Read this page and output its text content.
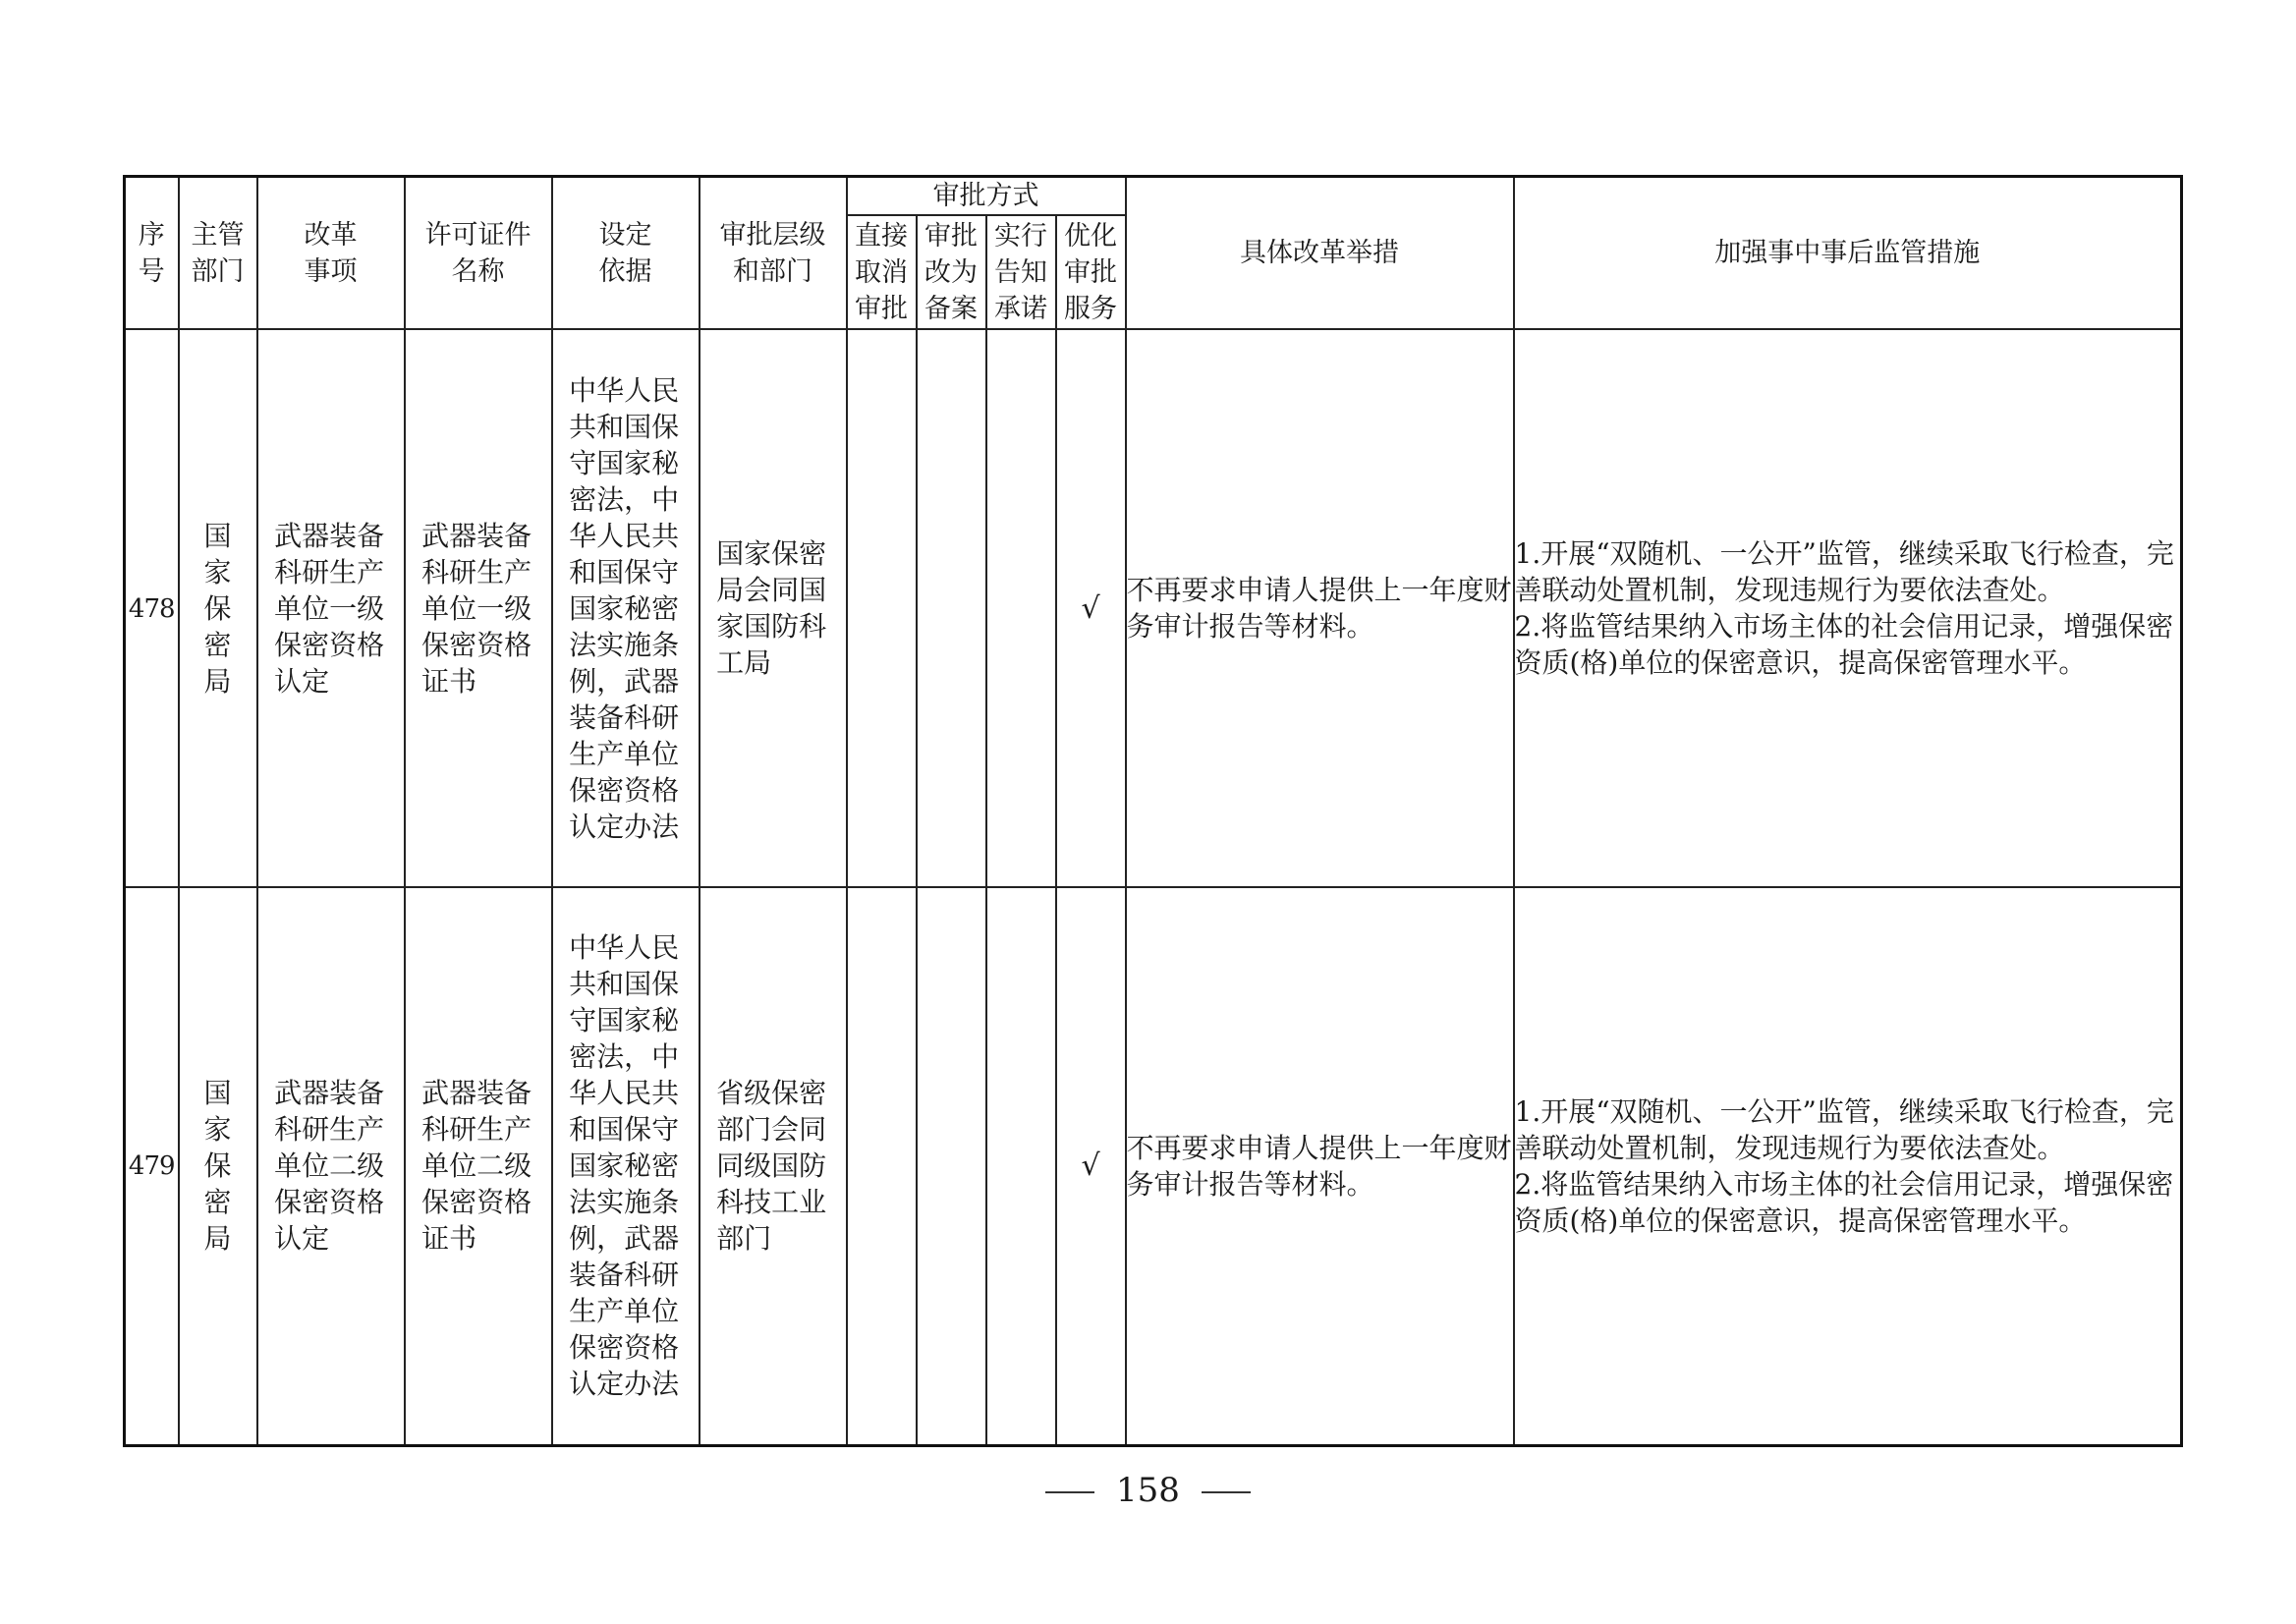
序号	主管部门	改革事项	许可证件名称	设定依据	审批层级和部门	审批方式				具体改革举措	加强事中事后监管措施

						直接取消审批	审批改为备案	实行告知承诺	优化审批服务		

478	国家保密局	武器装备科研生产单位一级保密资格认定	武器装备科研生产单位一级保密资格证书	中华人民共和国保守国家秘密法，中华人民共和国保守国家秘密法实施条例，武器装备科研生产单位保密资格认定办法	国家保密局会同国家国防科工局				√	不再要求申请人提供上一年度财务审计报告等材料。	1.开展“双随机、一公开”监管，继续采取飞行检查，完善联动处置机制，发现违规行为要依法查处。
2.将监管结果纳入市场主体的社会信用记录，增强保密资质(格)单位的保密意识，提高保密管理水平。

479	国家保密局	武器装备科研生产单位二级保密资格认定	武器装备科研生产单位二级保密资格证书	中华人民共和国保守国家秘密法，中华人民共和国保守国家秘密法实施条例，武器装备科研生产单位保密资格认定办法	省级保密部门会同同级国防科技工业部门				√	不再要求申请人提供上一年度财务审计报告等材料。	1.开展“双随机、一公开”监管，继续采取飞行检查，完善联动处置机制，发现违规行为要依法查处。
2.将监管结果纳入市场主体的社会信用记录，增强保密资质(格)单位的保密意识，提高保密管理水平。
158
